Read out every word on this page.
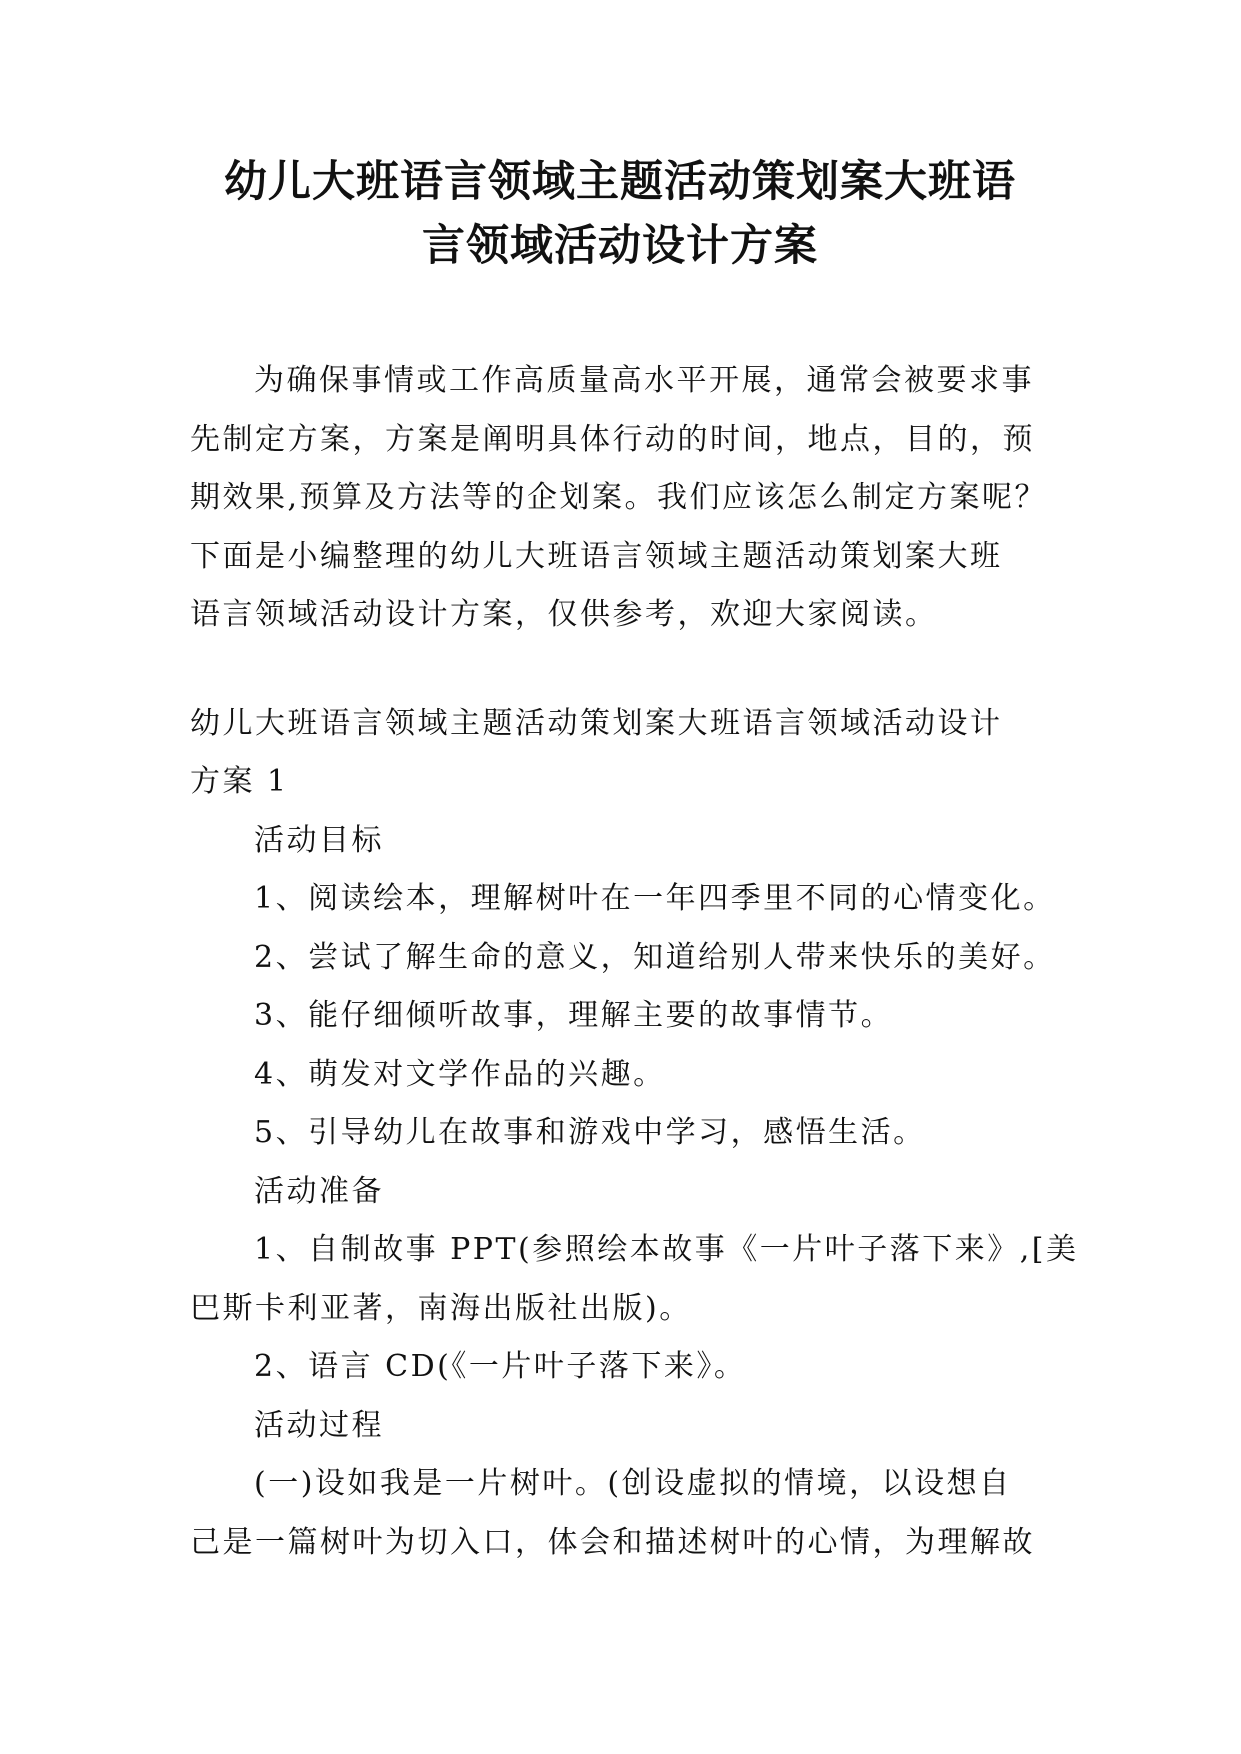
幼儿大班语言领域主题活动策划案大班语
言领域活动设计方案

为确保事情或工作高质量高水平开展，通常会被要求事
先制定方案，方案是阐明具体行动的时间，地点，目的，预
期效果,预算及方法等的企划案。我们应该怎么制定方案呢？
下面是小编整理的幼儿大班语言领域主题活动策划案大班
语言领域活动设计方案，仅供参考，欢迎大家阅读。

幼儿大班语言领域主题活动策划案大班语言领域活动设计
方案 1

活动目标

1、阅读绘本，理解树叶在一年四季里不同的心情变化。

2、尝试了解生命的意义，知道给别人带来快乐的美好。

3、能仔细倾听故事，理解主要的故事情节。

4、萌发对文学作品的兴趣。

5、引导幼儿在故事和游戏中学习，感悟生活。

活动准备

1、自制故事 PPT(参照绘本故事《一片叶子落下来》,[美
巴斯卡利亚著，南海出版社出版)。

2、语言 CD(《一片叶子落下来》。

活动过程

(一)设如我是一片树叶。(创设虚拟的情境，以设想自
己是一篇树叶为切入口，体会和描述树叶的心情，为理解故
